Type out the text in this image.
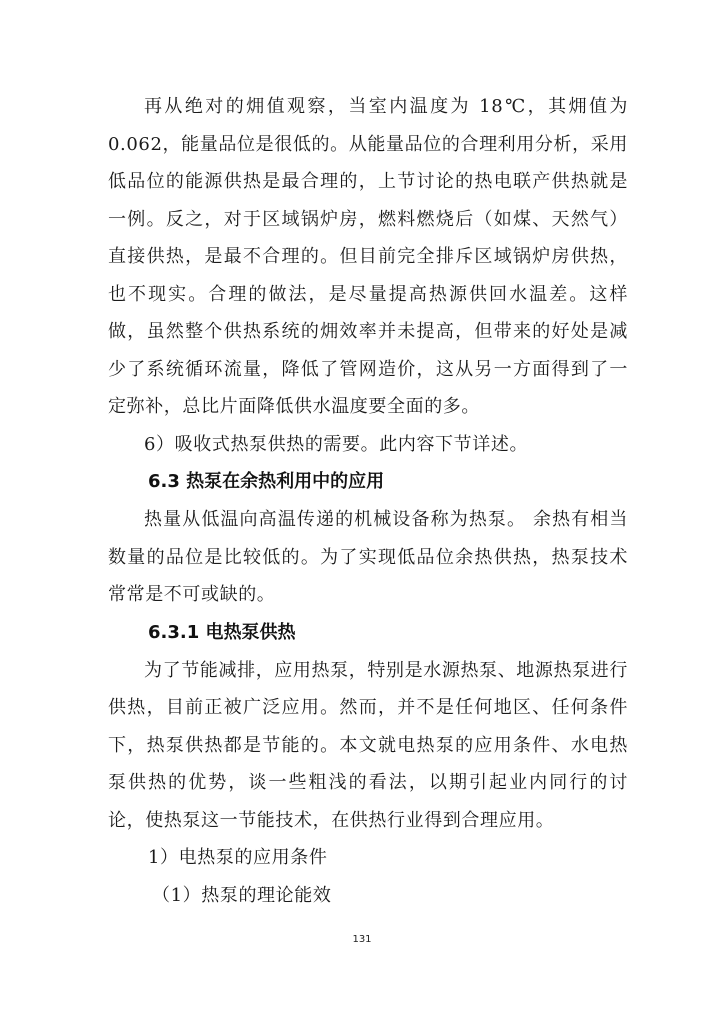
再从绝对的㶲值观察，当室内温度为 18℃，其㶲值为 0.062，能量品位是很低的。从能量品位的合理利用分析，采用低品位的能源供热是最合理的，上节讨论的热电联产供热就是一例。反之，对于区域锅炉房，燃料燃烧后（如煤、天然气）直接供热，是最不合理的。但目前完全排斥区域锅炉房供热，也不现实。合理的做法，是尽量提高热源供回水温差。这样做，虽然整个供热系统的㶲效率并未提高，但带来的好处是减少了系统循环流量，降低了管网造价，这从另一方面得到了一定弥补，总比片面降低供水温度要全面的多。

6）吸收式热泵供热的需要。此内容下节详述。

6.3 热泵在余热利用中的应用

热量从低温向高温传递的机械设备称为热泵。 余热有相当数量的品位是比较低的。为了实现低品位余热供热，热泵技术常常是不可或缺的。

6.3.1 电热泵供热

为了节能减排，应用热泵，特别是水源热泵、地源热泵进行供热，目前正被广泛应用。然而，并不是任何地区、任何条件下，热泵供热都是节能的。本文就电热泵的应用条件、水电热泵供热的优势，谈一些粗浅的看法，以期引起业内同行的讨论，使热泵这一节能技术，在供热行业得到合理应用。

1）电热泵的应用条件

（1）热泵的理论能效

131
